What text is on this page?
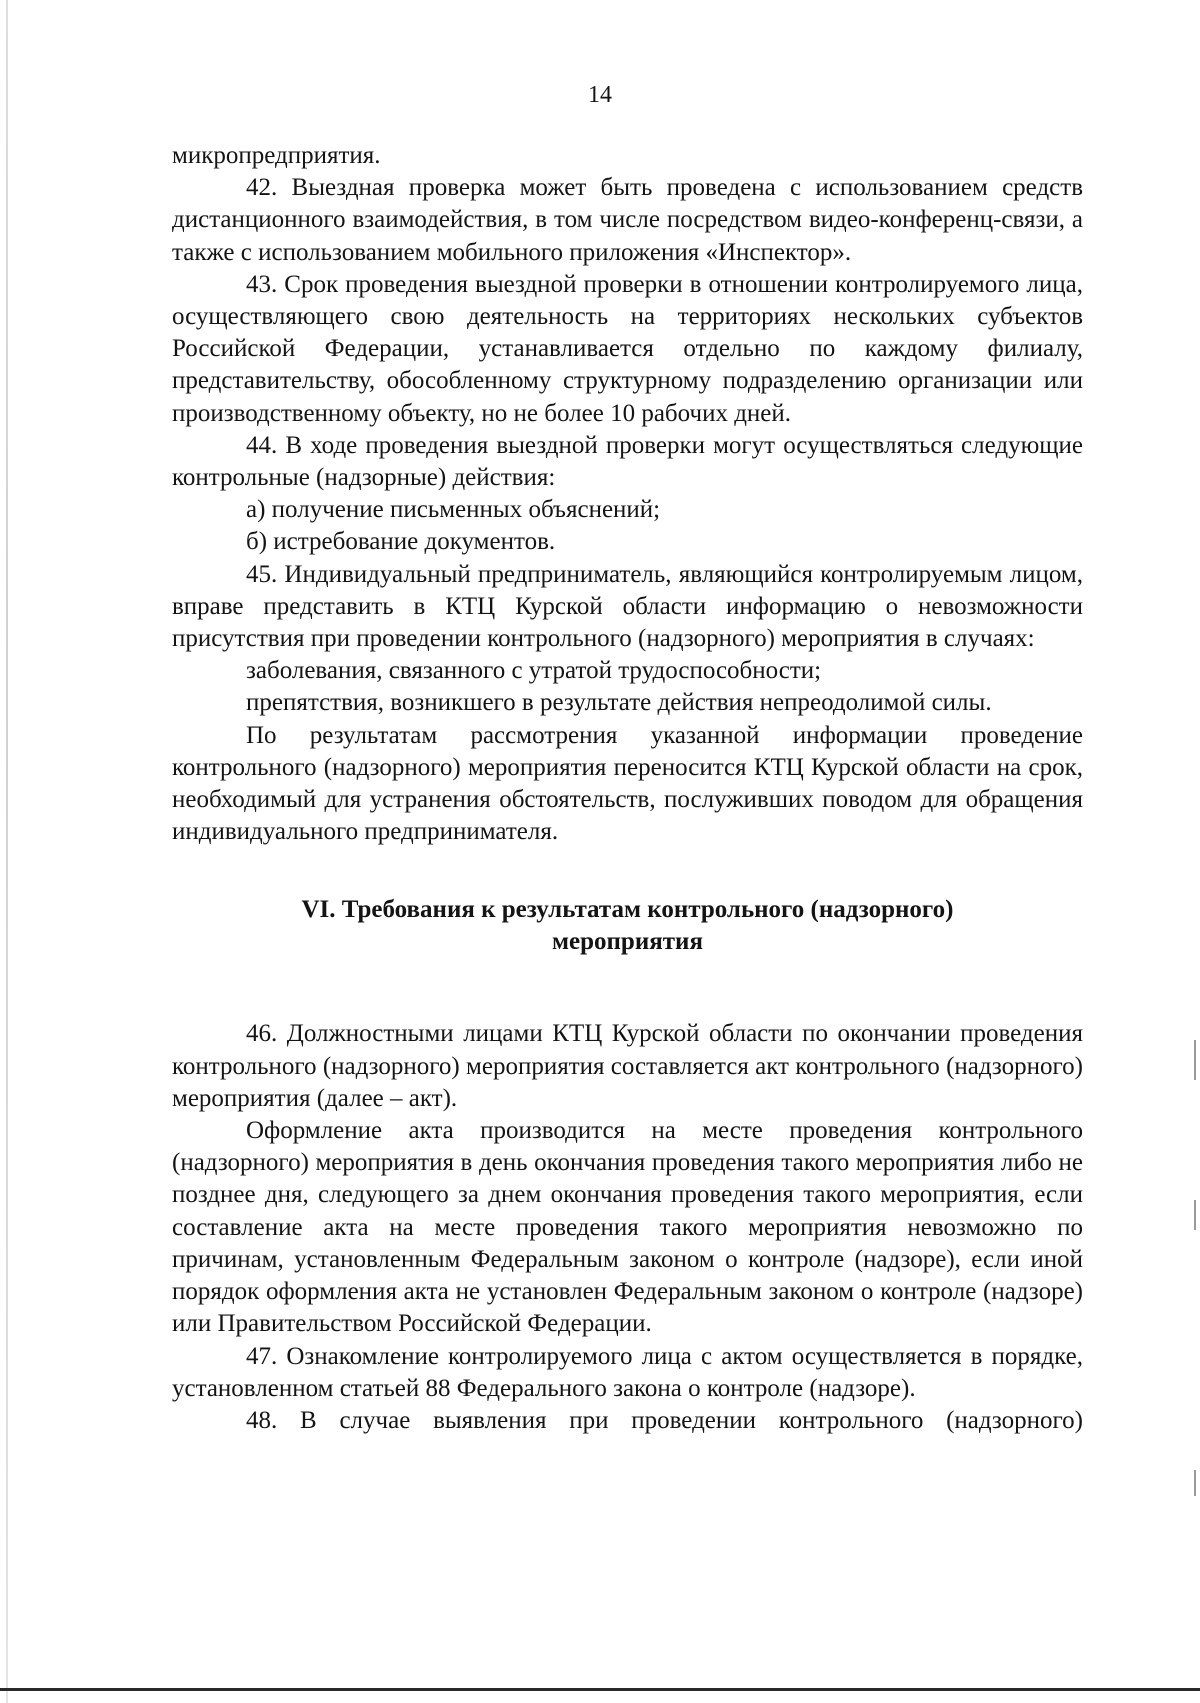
14

микропредприятия.

42. Выездная проверка может быть проведена с использованием средств дистанционного взаимодействия, в том числе посредством видео-конференц-связи, а также с использованием мобильного приложения «Инспектор».

43. Срок проведения выездной проверки в отношении контролируемого лица, осуществляющего свою деятельность на территориях нескольких субъектов Российской Федерации, устанавливается отдельно по каждому филиалу, представительству, обособленному структурному подразделению организации или производственному объекту, но не более 10 рабочих дней.

44. В ходе проведения выездной проверки могут осуществляться следующие контрольные (надзорные) действия:

а) получение письменных объяснений;

б) истребование документов.

45. Индивидуальный предприниматель, являющийся контролируемым лицом, вправе представить в КТЦ Курской области информацию о невозможности присутствия при проведении контрольного (надзорного) мероприятия в случаях:

заболевания, связанного с утратой трудоспособности;

препятствия, возникшего в результате действия непреодолимой силы.

По результатам рассмотрения указанной информации проведение контрольного (надзорного) мероприятия переносится КТЦ Курской области на срок, необходимый для устранения обстоятельств, послуживших поводом для обращения индивидуального предпринимателя.

VI. Требования к результатам контрольного (надзорного)
мероприятия

46. Должностными лицами КТЦ Курской области по окончании проведения контрольного (надзорного) мероприятия составляется акт контрольного (надзорного) мероприятия (далее – акт).

Оформление акта производится на месте проведения контрольного (надзорного) мероприятия в день окончания проведения такого мероприятия либо не позднее дня, следующего за днем окончания проведения такого мероприятия, если составление акта на месте проведения такого мероприятия невозможно по причинам, установленным Федеральным законом о контроле (надзоре), если иной порядок оформления акта не установлен Федеральным законом о контроле (надзоре) или Правительством Российской Федерации.

47. Ознакомление контролируемого лица с актом осуществляется в порядке, установленном статьей 88 Федерального закона о контроле (надзоре).

48. В случае выявления при проведении контрольного (надзорного)
